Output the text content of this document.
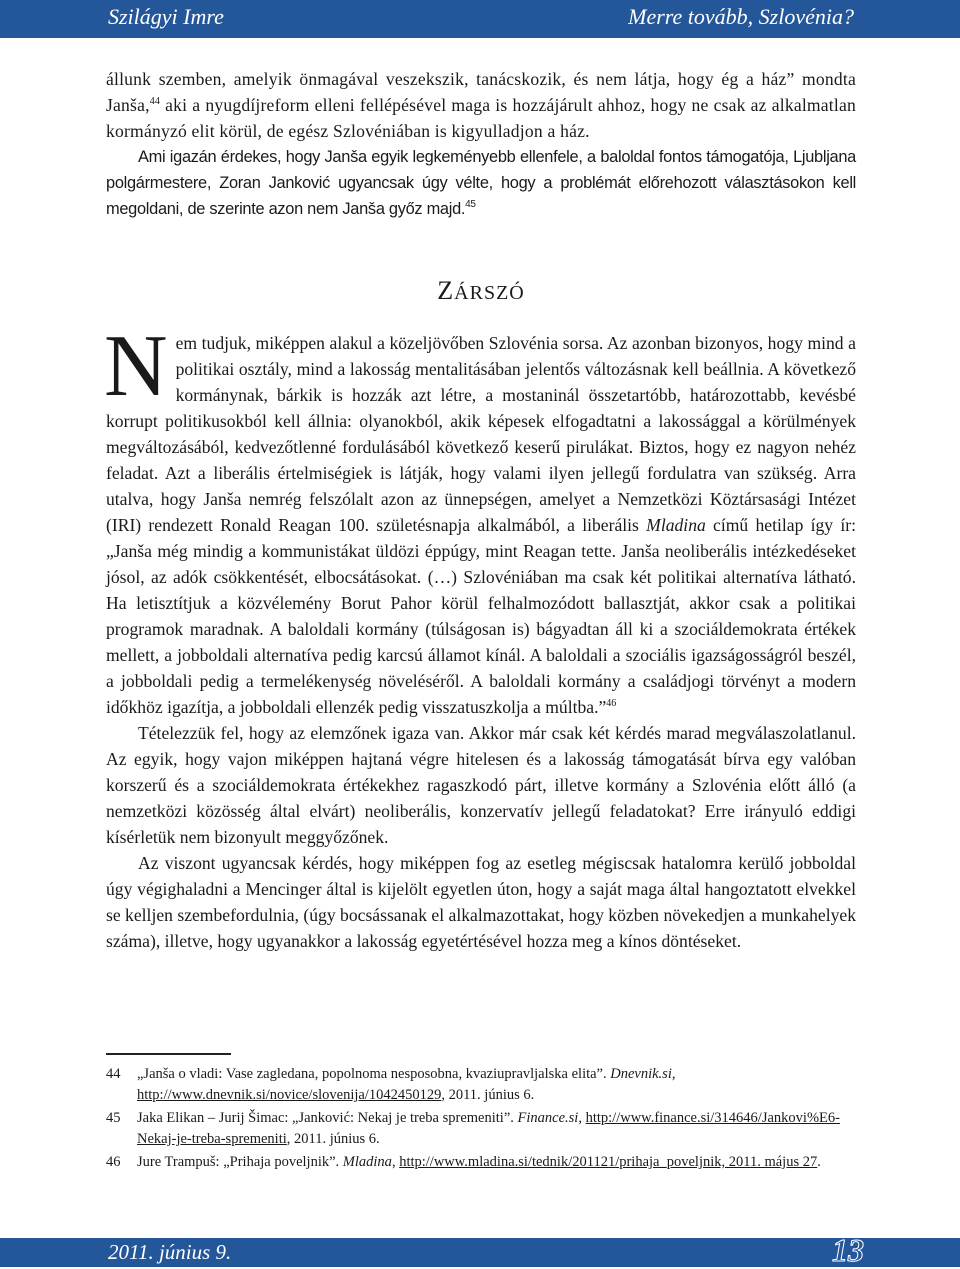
Szilágyi Imre	Merre tovább, Szlovénia?

állunk szemben, amelyik önmagával veszekszik, tanácskozik, és nem látja, hogy ég a ház” mondta Janša,$^{44}$ aki a nyugdíjreform elleni fellépésével maga is hozzájárult ahhoz, hogy ne csak az alkalmatlan kormányzó elit körül, de egész Szlovéniában is kigyulladjon a ház.

Ami igazán érdekes, hogy Janša egyik legkeményebb ellenfele, a baloldal fontos támogatója, Ljubljana polgármestere, Zoran Janković ugyancsak úgy vélte, hogy a problémát előrehozott választásokon kell megoldani, de szerinte azon nem Janša győz majd.$^{45}$

ZÁRSZÓ

Nem tudjuk, miképpen alakul a közeljövőben Szlovénia sorsa. Az azonban bizonyos, hogy mind a politikai osztály, mind a lakosság mentalitásában jelentős változásnak kell beállnia. A következő kormánynak, bárkik is hozzák azt létre, a mostaninál összetartóbb, határozottabb, kevésbé korrupt politikusokból kell állnia: olyanokból, akik képesek elfogadtatni a lakossággal a körülmények megváltozásából, kedvezőtlenné fordulásából következő keserű pirulákat. Biztos, hogy ez nagyon nehéz feladat. Azt a liberális értelmiségiek is látják, hogy valami ilyen jellegű fordulatra van szükség. Arra utalva, hogy Janša nemrég felszólalt azon az ünnepségen, amelyet a Nemzetközi Köztársasági Intézet (IRI) rendezett Ronald Reagan 100. születésnapja alkalmából, a liberális Mladina című hetilap így ír: „Janša még mindig a kommunistákat üldözi éppúgy, mint Reagan tette. Janša neoliberális intézkedéseket jósol, az adók csökkentését, elbocsátásokat. (…) Szlovéniában ma csak két politikai alternatíva látható. Ha letisztítjuk a közvélemény Borut Pahor körül felhalmozódott ballasztját, akkor csak a politikai programok maradnak. A baloldali kormány (túlságosan is) bágyadtan áll ki a szociáldemokrata értékek mellett, a jobboldali alternatíva pedig karcsú államot kínál. A baloldali a szociális igazságosságról beszél, a jobboldali pedig a termelékenység növeléséről. A baloldali kormány a családjogi törvényt a modern időkhöz igazítja, a jobboldali ellenzék pedig visszatuszkolja a múltba.”$^{46}$

Tételezzük fel, hogy az elemzőnek igaza van. Akkor már csak két kérdés marad megválaszolatlanul. Az egyik, hogy vajon miképpen hajtaná végre hitelesen és a lakosság támogatását bírva egy valóban korszerű és a szociáldemokrata értékekhez ragaszkodó párt, illetve kormány a Szlovénia előtt álló (a nemzetközi közösség által elvárt) neoliberális, konzervatív jellegű feladatokat? Erre irányuló eddigi kísérletük nem bizonyult meggyőzőnek.

Az viszont ugyancsak kérdés, hogy miképpen fog az esetleg mégiscsak hatalomra kerülő jobboldal úgy végighaladni a Mencinger által is kijelölt egyetlen úton, hogy a saját maga által hangoztatott elvekkel se kelljen szembefordulnia, (úgy bocsássanak el alkalmazottakat, hogy közben növekedjen a munkahelyek száma), illetve, hogy ugyanakkor a lakosság egyetértésével hozza meg a kínos döntéseket.

44 „Janša o vladi: Vase zagledana, popolnoma nesposobna, kvaziupravljalska elita”. Dnevnik.si, http://www.dnevnik.si/novice/slovenija/1042450129, 2011. június 6.
45 Jaka Elikan – Jurij Šimac: „Janković: Nekaj je treba spremeniti”. Finance.si, http://www.finance.si/314646/Jankovi%E6-Nekaj-je-treba-spremeniti, 2011. június 6.
46 Jure Trampuš: „Prihaja poveljnik”. Mladina, http://www.mladina.si/tednik/201121/prihaja_poveljnik, 2011. május 27.
2011. június 9.	13
